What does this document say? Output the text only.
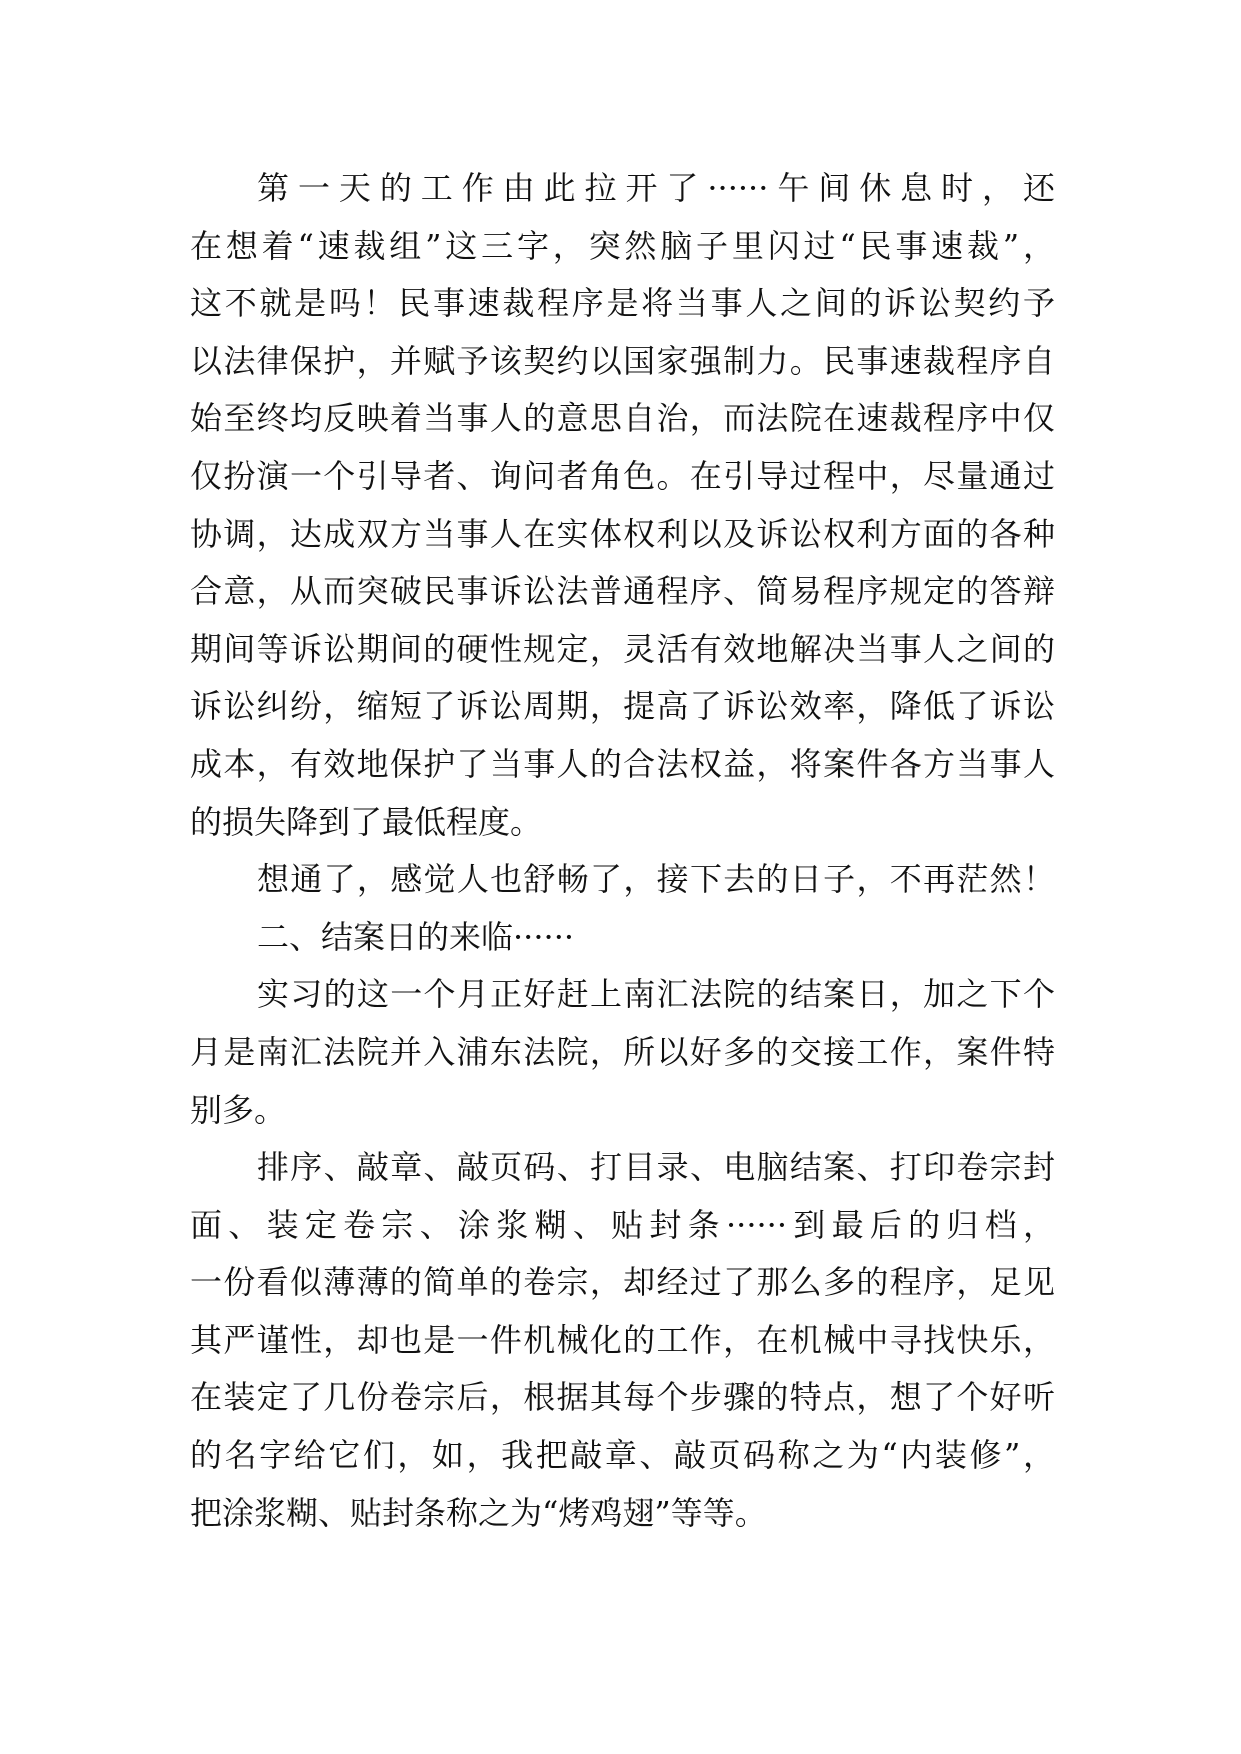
第一天的工作由此拉开了······午间休息时，还
在想着“速裁组”这三字，突然脑子里闪过“民事速裁”，
这不就是吗！民事速裁程序是将当事人之间的诉讼契约予
以法律保护，并赋予该契约以国家强制力。民事速裁程序自
始至终均反映着当事人的意思自治，而法院在速裁程序中仅
仅扮演一个引导者、询问者角色。在引导过程中，尽量通过
协调，达成双方当事人在实体权利以及诉讼权利方面的各种
合意，从而突破民事诉讼法普通程序、简易程序规定的答辩
期间等诉讼期间的硬性规定，灵活有效地解决当事人之间的
诉讼纠纷，缩短了诉讼周期，提高了诉讼效率，降低了诉讼
成本，有效地保护了当事人的合法权益，将案件各方当事人
的损失降到了最低程度。
想通了，感觉人也舒畅了，接下去的日子，不再茫然！
二、结案日的来临······
实习的这一个月正好赶上南汇法院的结案日，加之下个
月是南汇法院并入浦东法院，所以好多的交接工作，案件特
别多。
排序、敲章、敲页码、打目录、电脑结案、打印卷宗封
面、装定卷宗、涂浆糊、贴封条······到最后的归档，
一份看似薄薄的简单的卷宗，却经过了那么多的程序，足见
其严谨性，却也是一件机械化的工作，在机械中寻找快乐，
在装定了几份卷宗后，根据其每个步骤的特点，想了个好听
的名字给它们，如，我把敲章、敲页码称之为“内装修”，
把涂浆糊、贴封条称之为“烤鸡翅”等等。
